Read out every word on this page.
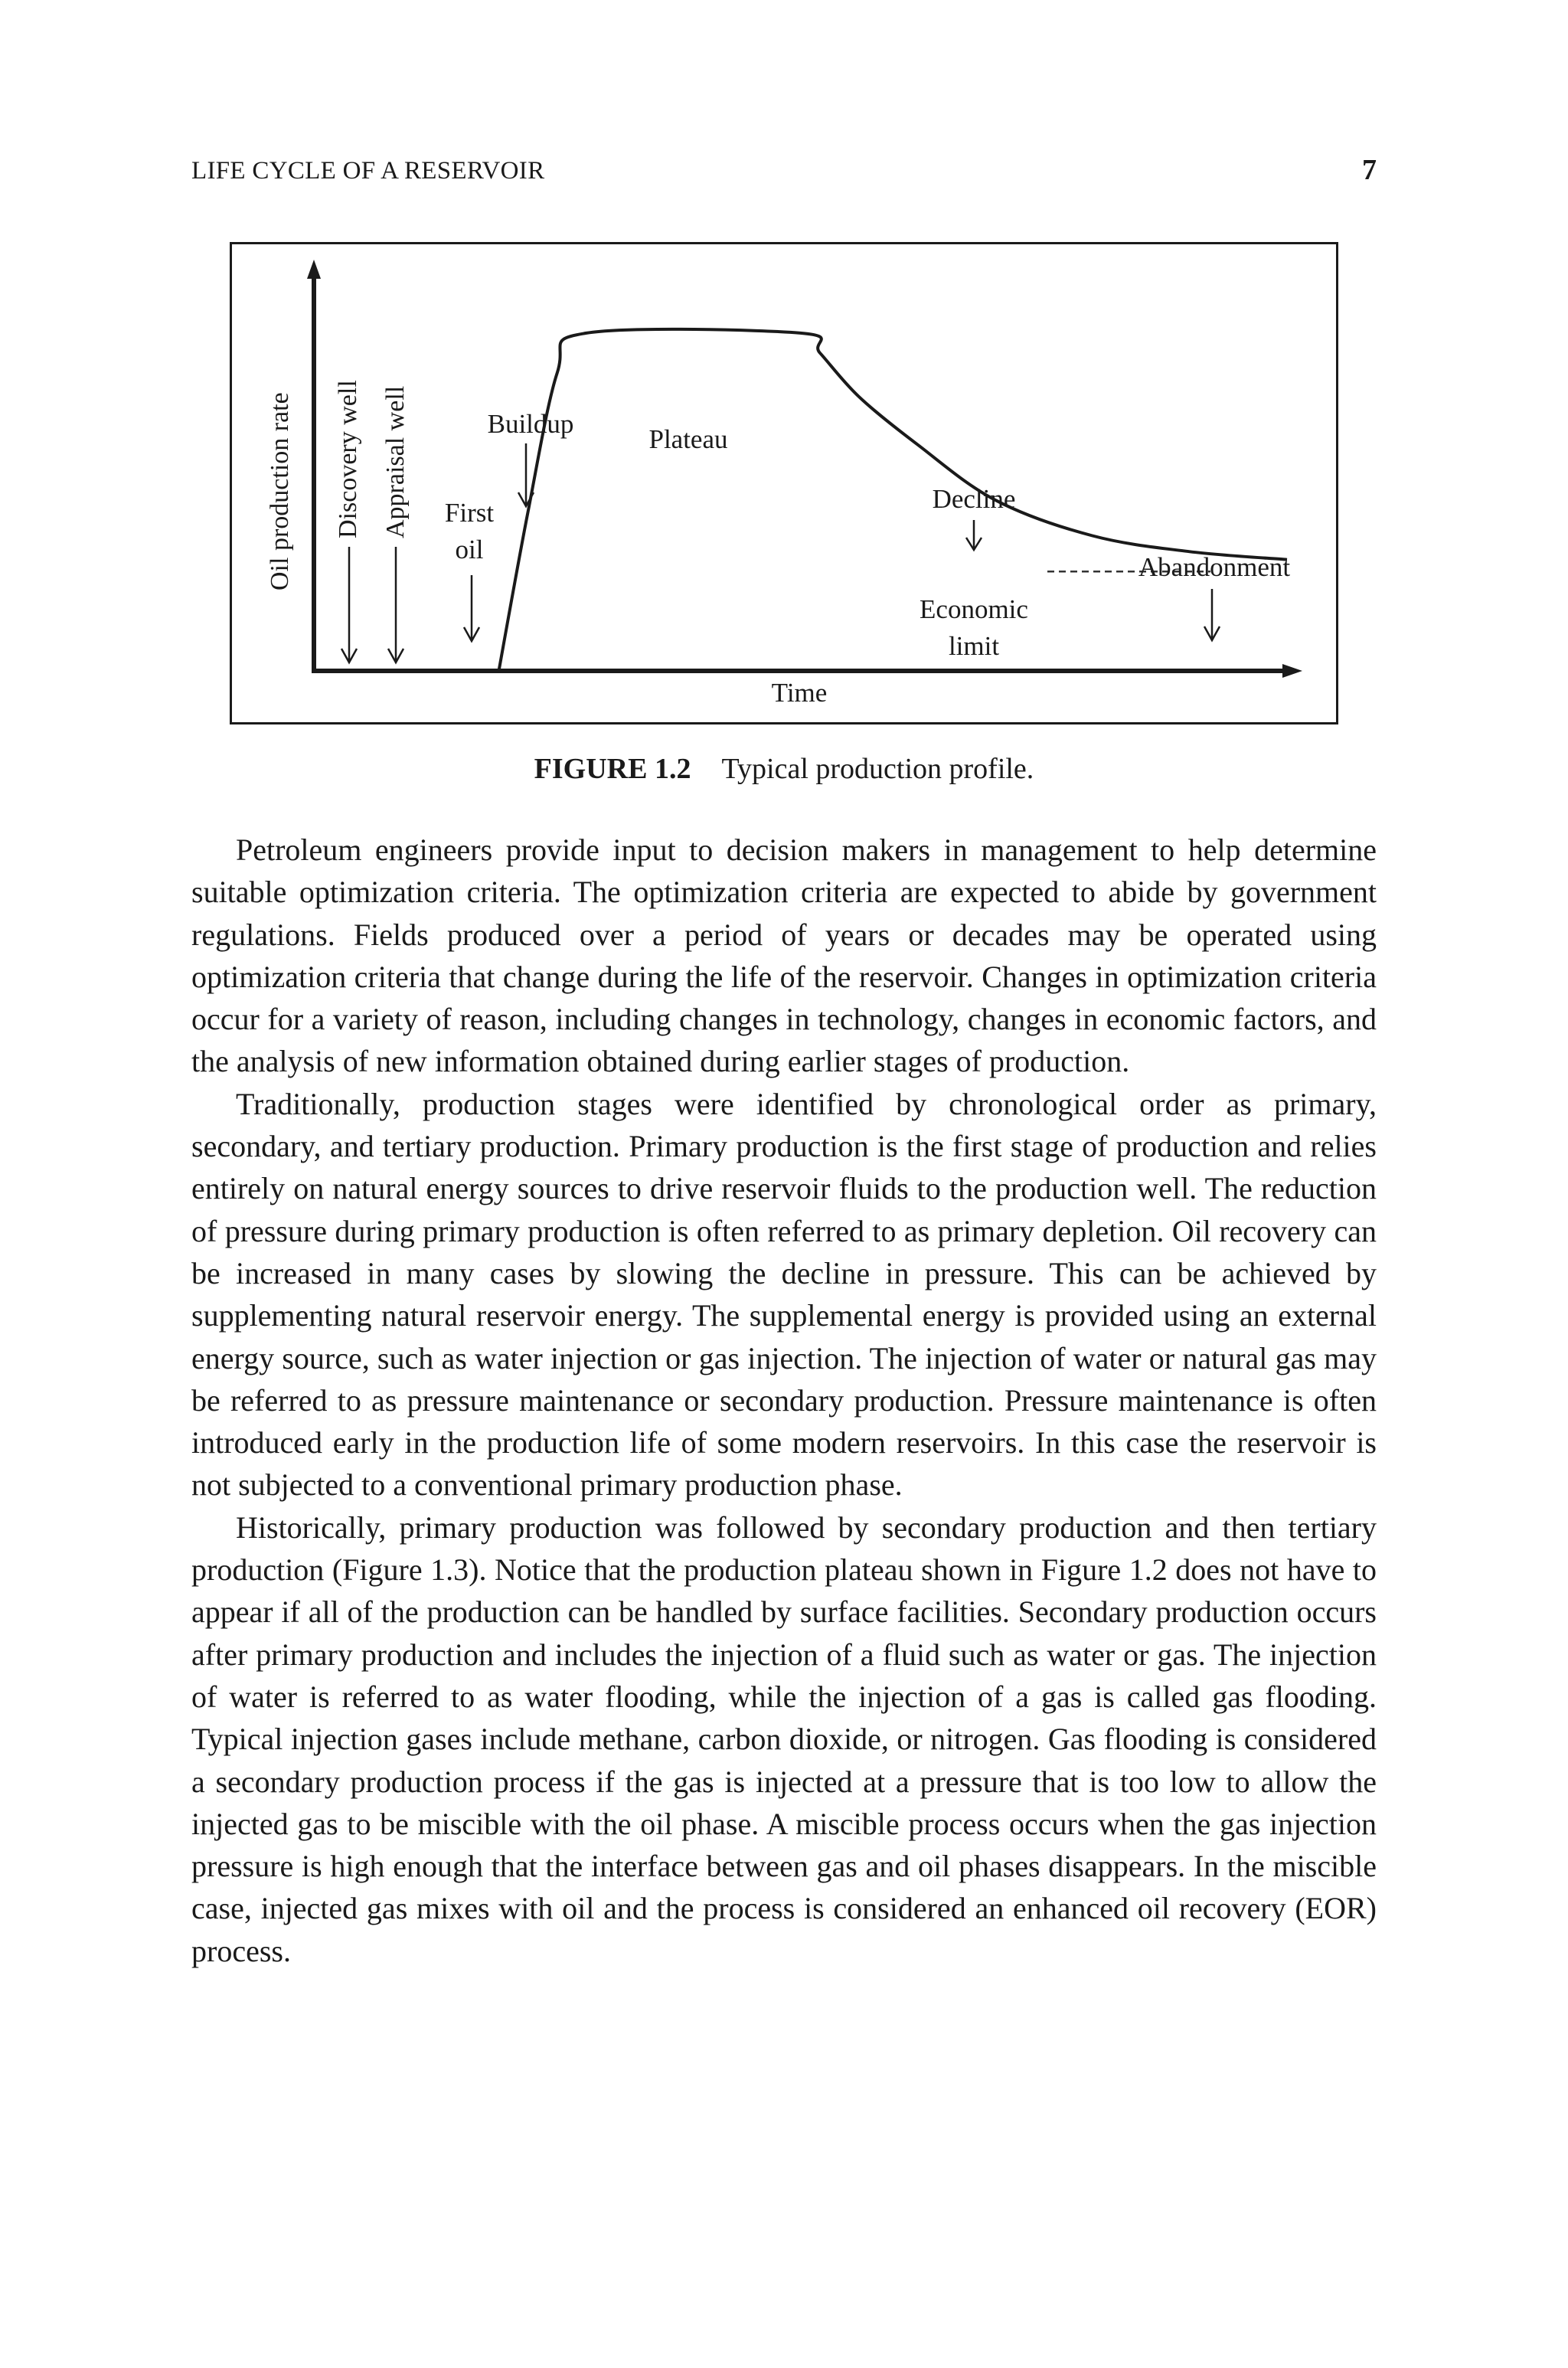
LIFE CYCLE OF A RESERVOIR	7
Oil production rate Discovery well Appraisal well	Buildup
Plateau
First
oil
Decline
Abandonment
Economic
limit
Time
FIGURE 1.2 Typical production profile.

Petroleum engineers provide input to decision makers in management to help determine suitable optimization criteria. The optimization criteria are expected to abide by government regulations. Fields produced over a period of years or decades may be operated using optimization criteria that change during the life of the reservoir. Changes in optimization criteria occur for a variety of reason, including changes in technology, changes in economic factors, and the analysis of new information obtained during earlier stages of production.

Traditionally, production stages were identified by chronological order as primary, secondary, and tertiary production. Primary production is the first stage of production and relies entirely on natural energy sources to drive reservoir fluids to the production well. The reduction of pressure during primary production is often referred to as primary depletion. Oil recovery can be increased in many cases by slowing the decline in pressure. This can be achieved by supplementing natural reservoir energy. The supplemental energy is provided using an external energy source, such as water injection or gas injection. The injection of water or natural gas may be referred to as pressure maintenance or secondary production. Pressure maintenance is often introduced early in the production life of some modern reservoirs. In this case the reservoir is not subjected to a conventional primary production phase.

Historically, primary production was followed by secondary production and then tertiary production (Figure 1.3). Notice that the production plateau shown in Figure 1.2 does not have to appear if all of the production can be handled by surface facilities. Secondary production occurs after primary production and includes the injection of a fluid such as water or gas. The injection of water is referred to as water flooding, while the injection of a gas is called gas flooding. Typical injection gases include methane, carbon dioxide, or nitrogen. Gas flooding is considered a secondary production process if the gas is injected at a pressure that is too low to allow the injected gas to be miscible with the oil phase. A miscible process occurs when the gas injection pressure is high enough that the interface between gas and oil phases disappears. In the miscible case, injected gas mixes with oil and the process is considered an enhanced oil recovery (EOR) process.
